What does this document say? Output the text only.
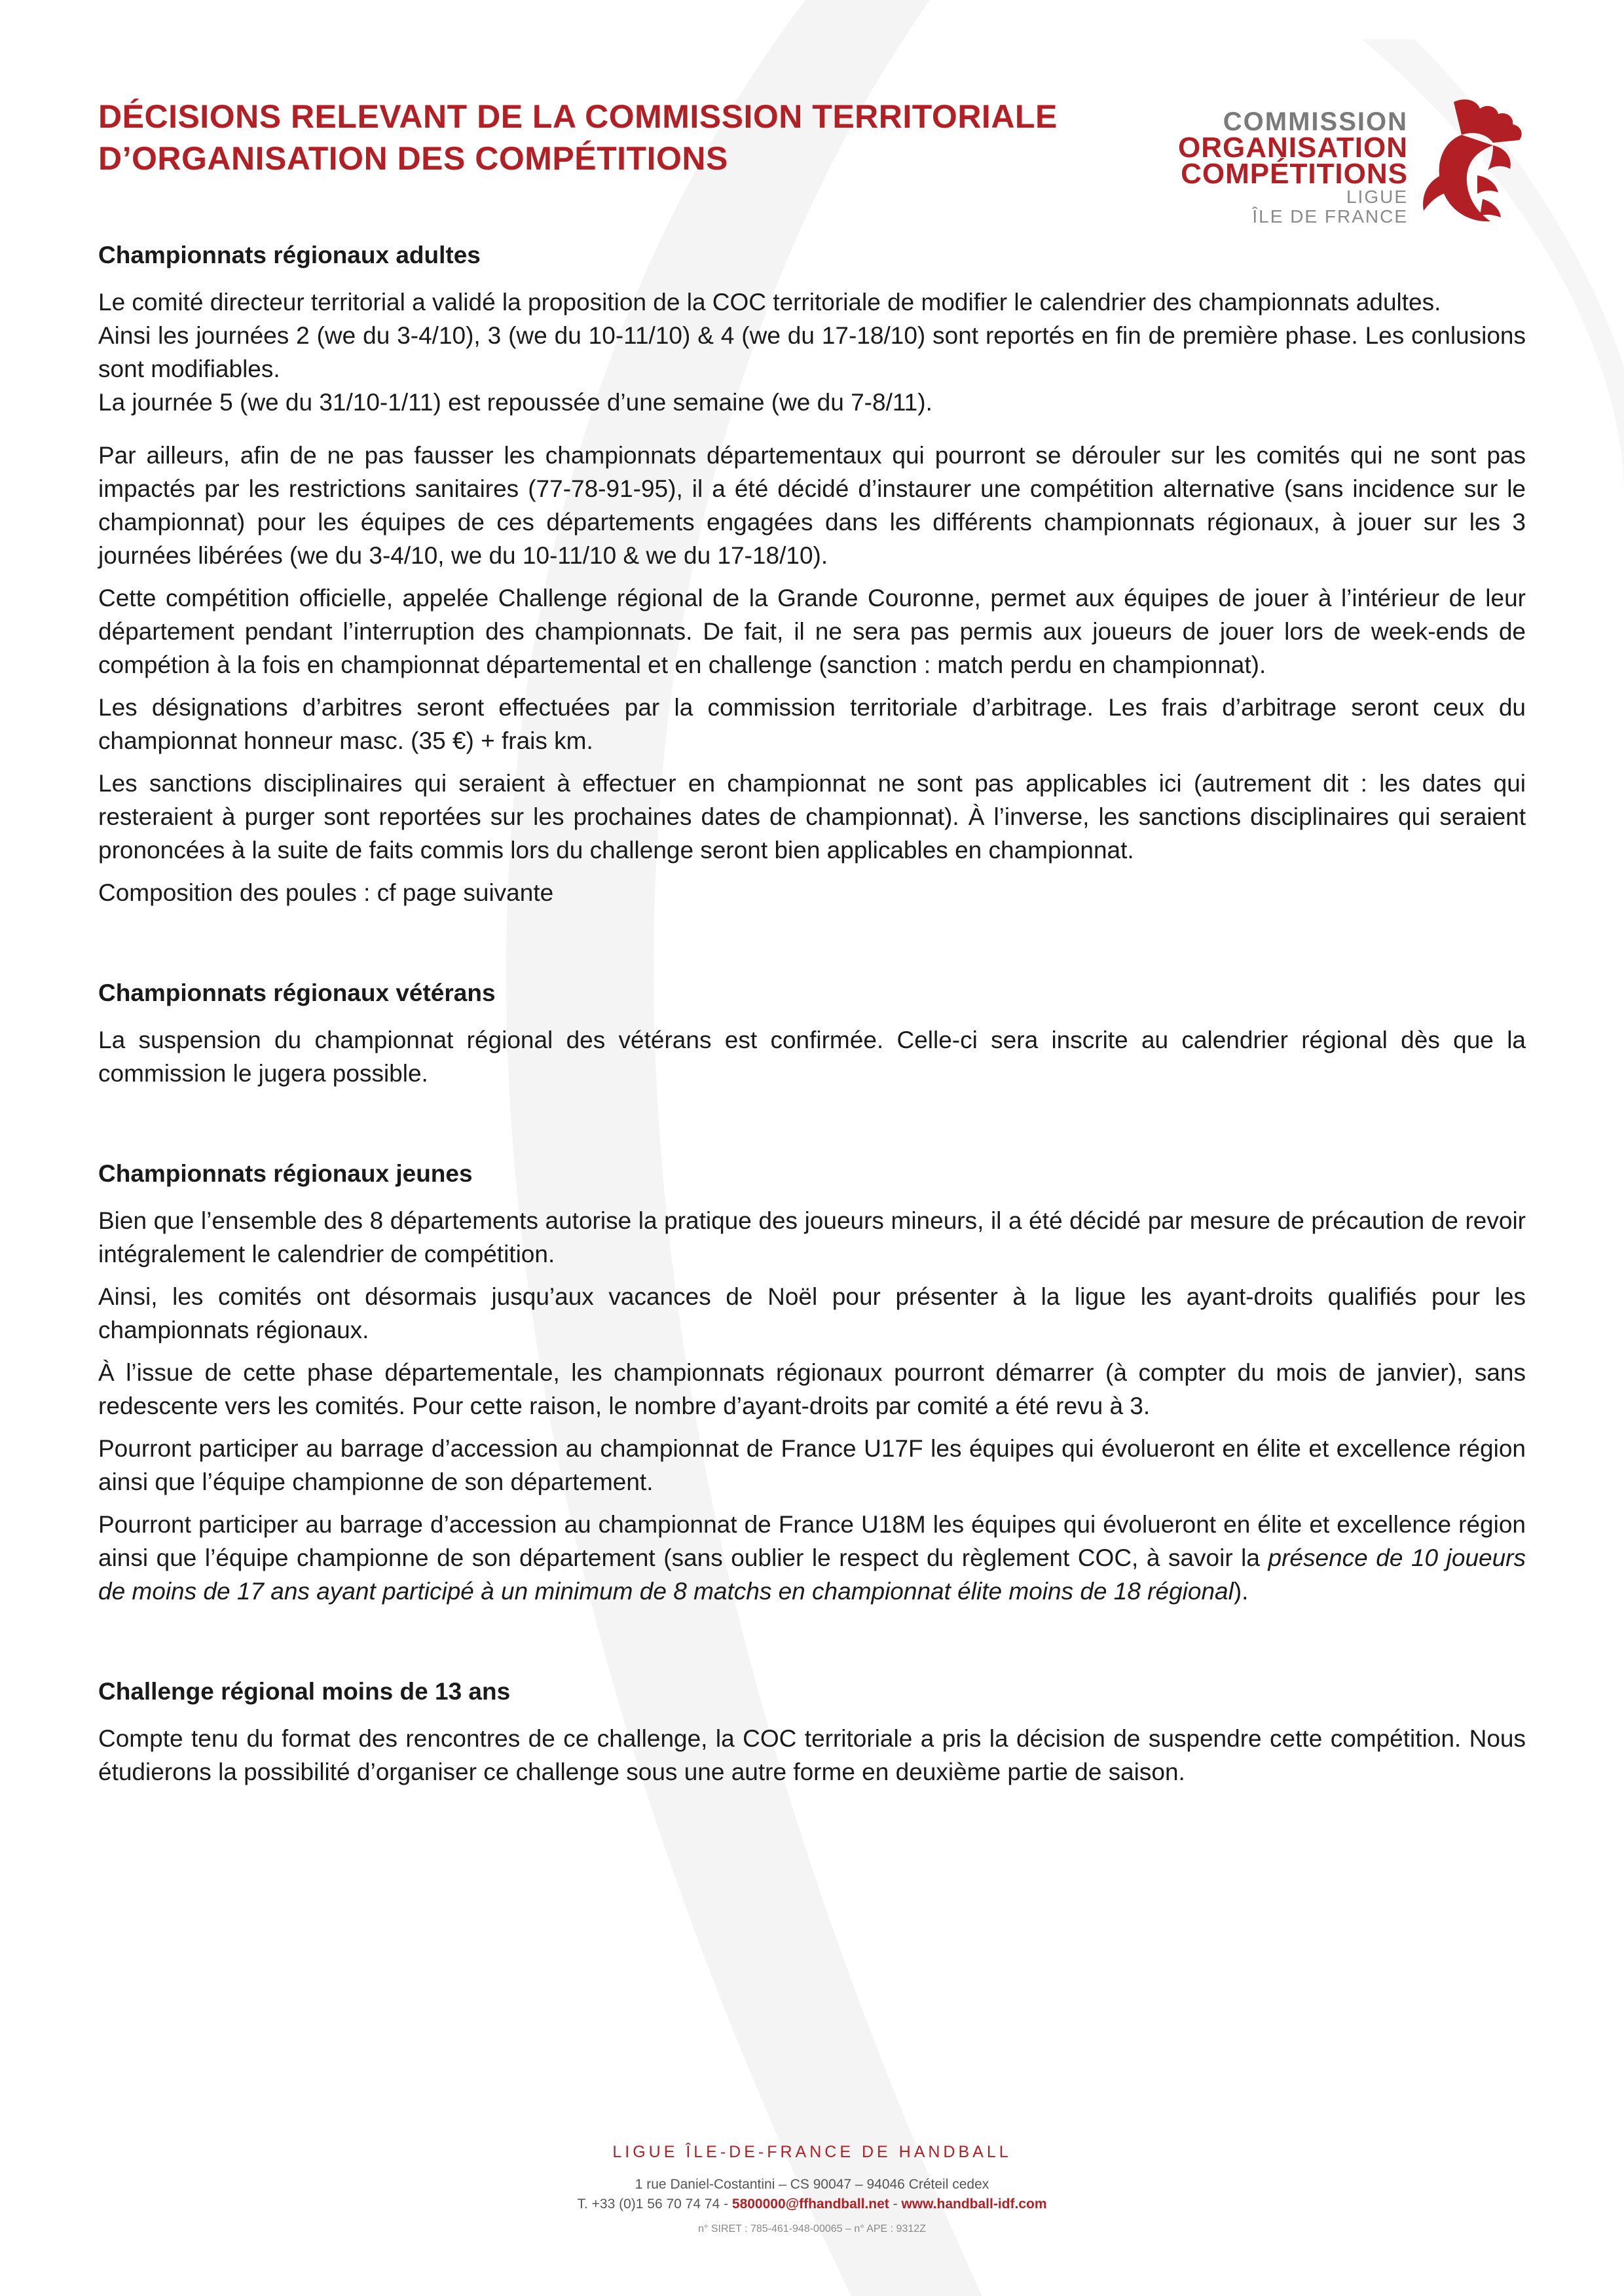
DÉCISIONS RELEVANT DE LA COMMISSION TERRITORIALE
D’ORGANISATION DES COMPÉTITIONS
COMMISSION
ORGANISATION
COMPÉTITIONS
LIGUE
ÎLE DE FRANCE
Championnats régionaux adultes

Le comité directeur territorial a validé la proposition de la COC territoriale de modifier le calendrier des championnats adultes.

Ainsi les journées 2 (we du 3-4/10), 3 (we du 10-11/10) & 4 (we du 17-18/10) sont reportés en fin de première phase. Les conlusions sont modifiables.

La journée 5 (we du 31/10-1/11) est repoussée d’une semaine (we du 7-8/11).

Par ailleurs, afin de ne pas fausser les championnats départementaux qui pourront se dérouler sur les comités qui ne sont pas impactés par les restrictions sanitaires (77-78-91-95), il a été décidé d’instaurer une compétition alternative (sans incidence sur le championnat) pour les équipes de ces départements engagées dans les différents championnats régionaux, à jouer sur les 3 journées libérées (we du 3-4/10, we du 10-11/10 & we du 17-18/10).

Cette compétition officielle, appelée Challenge régional de la Grande Couronne, permet aux équipes de jouer à l’intérieur de leur département pendant l’interruption des championnats. De fait, il ne sera pas permis aux joueurs de jouer lors de week-ends de compétion à la fois en championnat départemental et en challenge (sanction : match perdu en championnat).

Les désignations d’arbitres seront effectuées par la commission territoriale d’arbitrage. Les frais d’arbitrage seront ceux du championnat honneur masc. (35 €) + frais km.

Les sanctions disciplinaires qui seraient à effectuer en championnat ne sont pas applicables ici (autrement dit : les dates qui resteraient à purger sont reportées sur les prochaines dates de championnat). À l’inverse, les sanctions disciplinaires qui seraient prononcées à la suite de faits commis lors du challenge seront bien applicables en championnat.

Composition des poules : cf page suivante

Championnats régionaux vétérans

La suspension du championnat régional des vétérans est confirmée. Celle-ci sera inscrite au calendrier régional dès que la commission le jugera possible.

Championnats régionaux jeunes

Bien que l’ensemble des 8 départements autorise la pratique des joueurs mineurs, il a été décidé par mesure de précaution de revoir intégralement le calendrier de compétition.

Ainsi, les comités ont désormais jusqu’aux vacances de Noël pour présenter à la ligue les ayant-droits qualifiés pour les championnats régionaux.

À l’issue de cette phase départementale, les championnats régionaux pourront démarrer (à compter du mois de janvier), sans redescente vers les comités. Pour cette raison, le nombre d’ayant-droits par comité a été revu à 3.

Pourront participer au barrage d’accession au championnat de France U17F les équipes qui évolueront en élite et excellence région ainsi que l’équipe championne de son département.

Pourront participer au barrage d’accession au championnat de France U18M les équipes qui évolueront en élite et excellence région ainsi que l’équipe championne de son département (sans oublier le respect du règlement COC, à savoir la présence de 10 joueurs de moins de 17 ans ayant participé à un minimum de 8 matchs en championnat élite moins de 18 régional).

Challenge régional moins de 13 ans

Compte tenu du format des rencontres de ce challenge, la COC territoriale a pris la décision de suspendre cette compétition. Nous étudierons la possibilité d’organiser ce challenge sous une autre forme en deuxième partie de saison.

LIGUE ÎLE-DE-FRANCE DE HANDBALL
1 rue Daniel-Costantini – CS 90047 – 94046 Créteil cedex
T. +33 (0)1 56 70 74 74 - 5800000@ffhandball.net - www.handball-idf.com
n° SIRET : 785-461-948-00065 – n° APE : 9312Z
